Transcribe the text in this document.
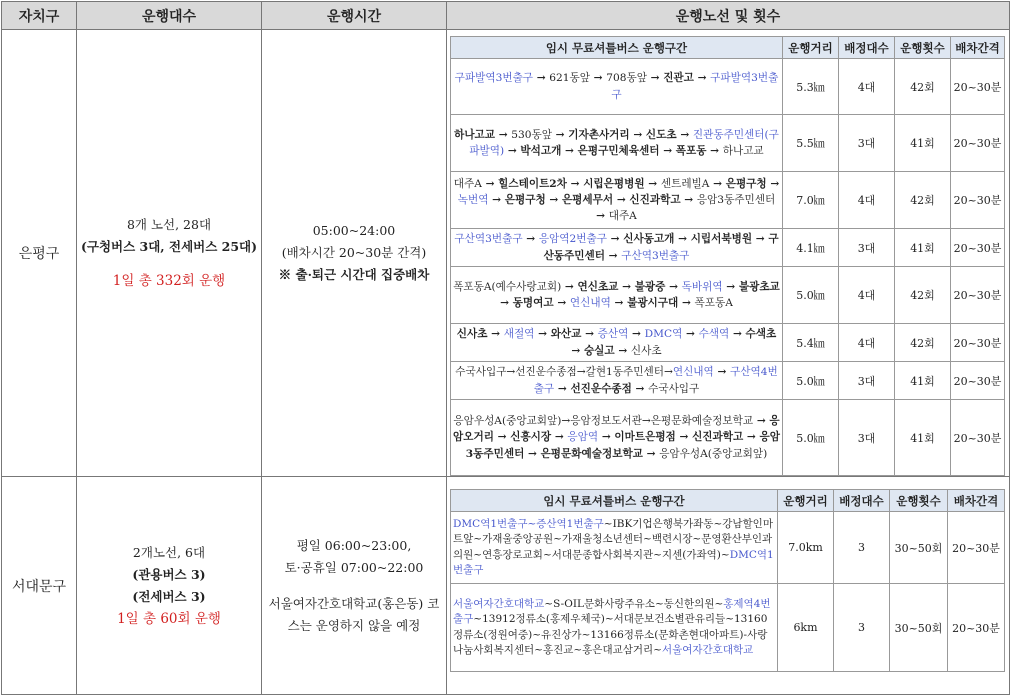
자치구	운행대수	운행시간	운행노선 및 횟수
은평구	
8개 노선, 28대
(구청버스 3대, 전세버스 25대)
1일 총 332회 운행

05:00~24:00
(배차시간 20~30분 간격)
※ 출·퇴근 시간대 집중배차

임시 무료셔틀버스 운행구간	운행거리	배정대수	운행횟수	배차간격
구파발역3번출구 → 621동앞 → 708동앞 → 진관고 → 구파발역3번출구	5.3㎞	4대	42회	20~30분
하나고교 → 530동앞 → 기자촌사거리 → 신도초 → 진관동주민센터(구파발역) → 박석고개 → 은평구민체육센터 → 폭포동 → 하나고교	5.5㎞	3대	41회	20~30분
대주A → 힐스테이트2차 → 시립은평병원 → 센트레빌A → 은평구청 → 녹번역 → 은평구청 → 은평세무서 → 신진과학고 → 응암3동주민센터 → 대주A	7.0㎞	4대	42회	20~30분
구산역3번출구 → 응암역2번출구 → 신사동고개 → 시립서북병원 → 구산동주민센터 → 구산역3번출구	4.1㎞	3대	41회	20~30분
폭포동A(예수사랑교회) → 연신초교 → 불광중 → 독바위역 → 불광초교 → 동명여고 → 연신내역 → 불광시구대 → 폭포동A	5.0㎞	4대	42회	20~30분
신사초 → 새절역 → 와산교 → 증산역 → DMC역 → 수색역 → 수색초 → 숭실고 → 신사초	5.4㎞	4대	42회	20~30분
수국사입구→선진운수종점→갈현1동주민센터→연신내역 → 구산역4번출구 → 선진운수종점 → 수국사입구	5.0㎞	3대	41회	20~30분
응암우성A(중앙교회앞)→응암정보도서관→은평문화예술정보학교 → 응암오거리 → 신흥시장 → 응암역 → 이마트은평점 → 신진과학고 → 응암3동주민센터 → 은평문화예술정보학교 → 응암우성A(중앙교회앞)	5.0㎞	3대	41회	20~30분

서대문구	
2개노선, 6대
(관용버스 3)
(전세버스 3)
1일 총 60회 운행

평일 06:00~23:00,
토·공휴일 07:00~22:00
서울여자간호대학교(홍은동) 코스는 운영하지 않을 예정

임시 무료셔틀버스 운행구간	운행거리	배정대수	운행횟수	배차간격
DMC역1번출구~증산역1번출구~IBK기업은행북가좌동~강남할인마트앞~가재울중앙공원~가재울청소년센터~백련시장~문영환산부인과의원~연흥장로교회~서대문종합사회복지관~지센(가좌역)~DMC역1번출구	7.0km	3	30~50회	20~30분
서울여자간호대학교~S-OIL문화사랑주유소~동신한의원~홍제역4번출구~13912정류소(홍제우체국)~서대문보건소별관유리들~13160정류소(정원여중)~유진상가~13166정류소(문화촌현대아파트)-사랑나눔사회복지센터~홍진교~홍은대교삼거리~서울여자간호대학교	6km	3	30~50회	20~30분
